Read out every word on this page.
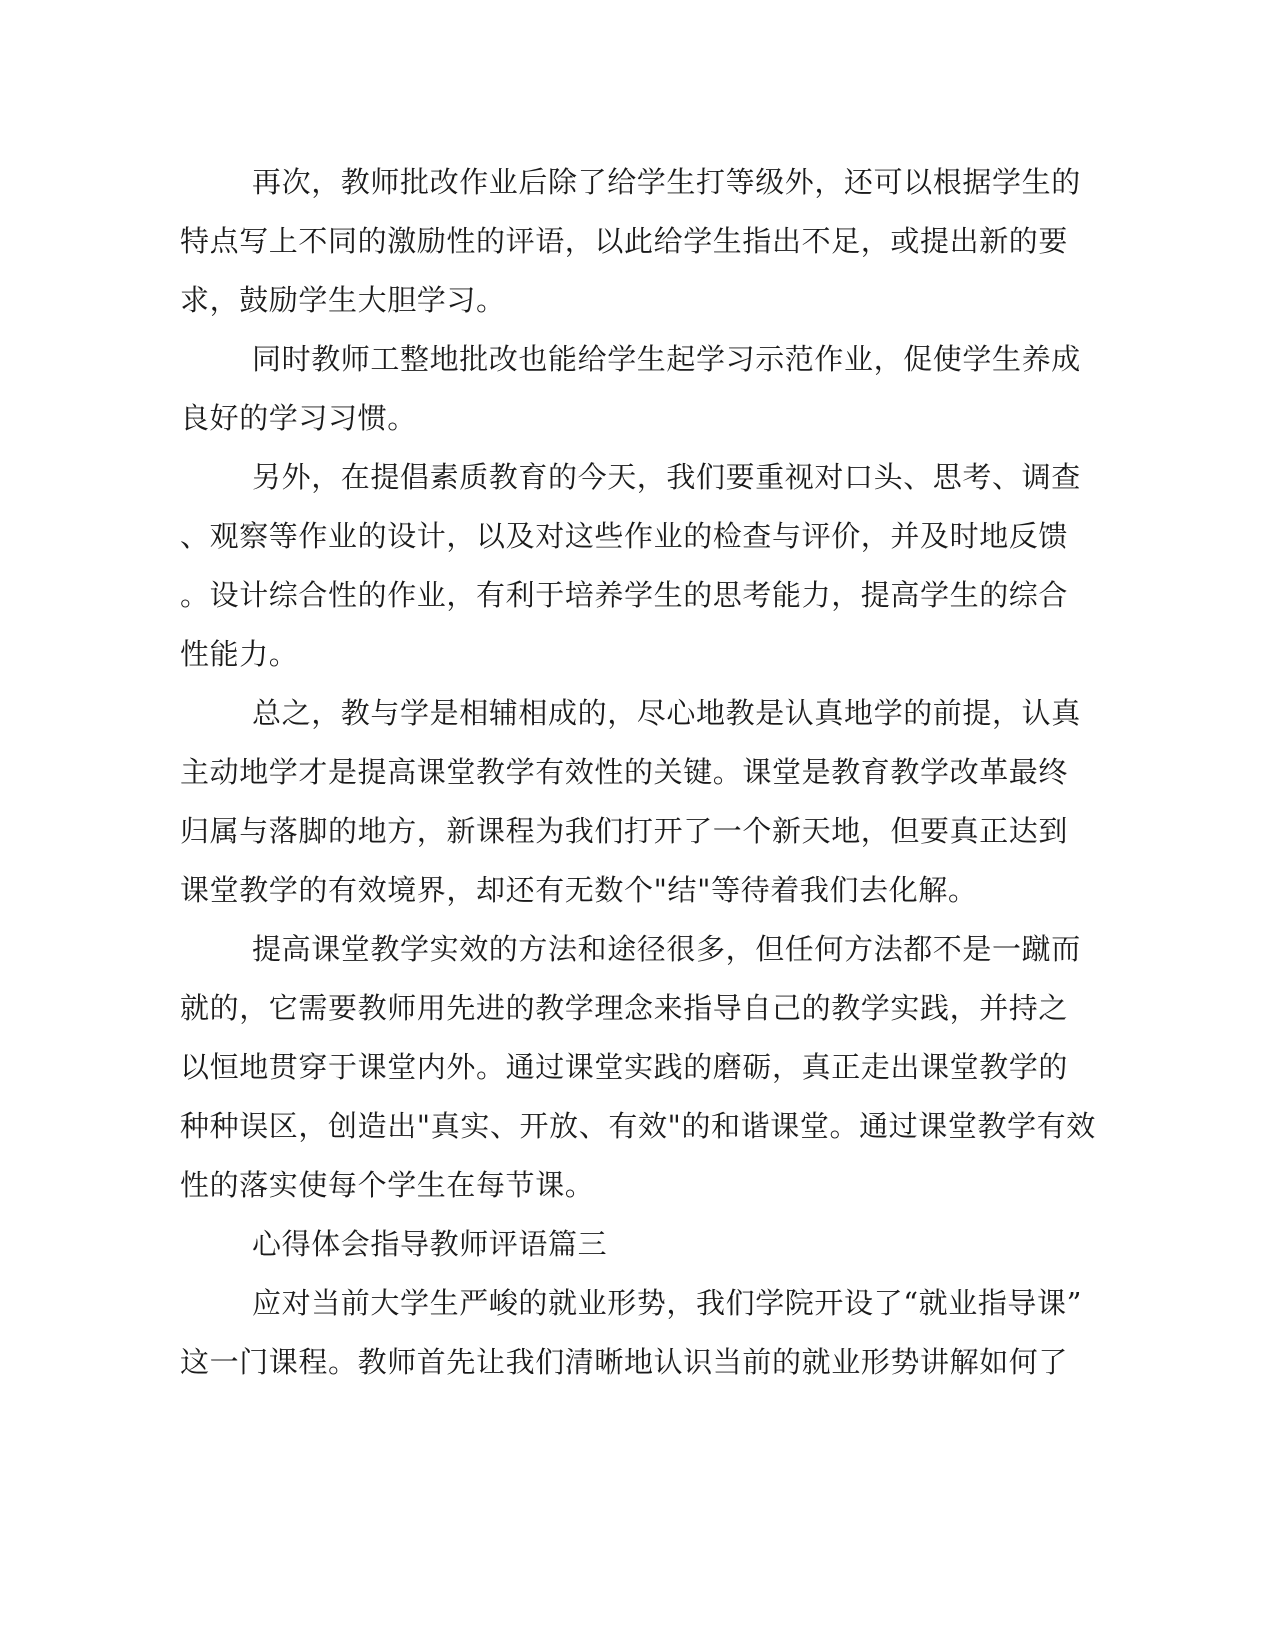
再次，教师批改作业后除了给学生打等级外，还可以根据学生的
特点写上不同的激励性的评语，以此给学生指出不足，或提出新的要
求，鼓励学生大胆学习。
同时教师工整地批改也能给学生起学习示范作业，促使学生养成
良好的学习习惯。
另外，在提倡素质教育的今天，我们要重视对口头、思考、调查
、观察等作业的设计，以及对这些作业的检查与评价，并及时地反馈
。设计综合性的作业，有利于培养学生的思考能力，提高学生的综合
性能力。
总之，教与学是相辅相成的，尽心地教是认真地学的前提，认真
主动地学才是提高课堂教学有效性的关键。课堂是教育教学改革最终
归属与落脚的地方，新课程为我们打开了一个新天地，但要真正达到
课堂教学的有效境界，却还有无数个"结"等待着我们去化解。
提高课堂教学实效的方法和途径很多，但任何方法都不是一蹴而
就的，它需要教师用先进的教学理念来指导自己的教学实践，并持之
以恒地贯穿于课堂内外。通过课堂实践的磨砺，真正走出课堂教学的
种种误区，创造出"真实、开放、有效"的和谐课堂。通过课堂教学有效
性的落实使每个学生在每节课。
心得体会指导教师评语篇三
应对当前大学生严峻的就业形势，我们学院开设了“就业指导课”
这一门课程。教师首先让我们清晰地认识当前的就业形势讲解如何了
